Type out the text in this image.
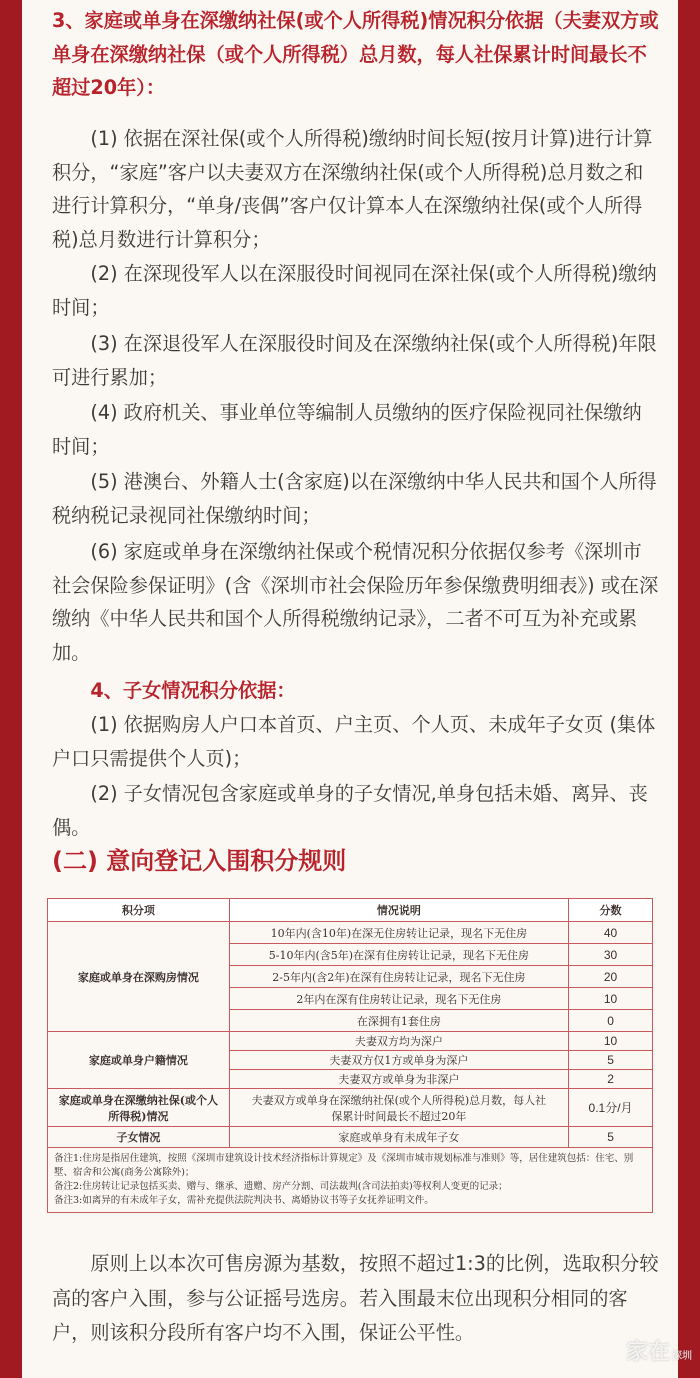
3、家庭或单身在深缴纳社保(或个人所得税)情况积分依据（夫妻双方或单身在深缴纳社保（或个人所得税）总月数，每人社保累计时间最长不超过20年）：
(1) 依据在深社保(或个人所得税)缴纳时间长短(按月计算)进行计算积分，“家庭”客户以夫妻双方在深缴纳社保(或个人所得税)总月数之和进行计算积分，“单身/丧偶”客户仅计算本人在深缴纳社保(或个人所得税)总月数进行计算积分；
(2) 在深现役军人以在深服役时间视同在深社保(或个人所得税)缴纳时间；
(3) 在深退役军人在深服役时间及在深缴纳社保(或个人所得税)年限可进行累加；
(4) 政府机关、事业单位等编制人员缴纳的医疗保险视同社保缴纳时间；
(5) 港澳台、外籍人士(含家庭)以在深缴纳中华人民共和国个人所得税纳税记录视同社保缴纳时间；
(6) 家庭或单身在深缴纳社保或个税情况积分依据仅参考《深圳市社会保险参保证明》(含《深圳市社会保险历年参保缴费明细表》) 或在深缴纳《中华人民共和国个人所得税缴纳记录》，二者不可互为补充或累加。
4、子女情况积分依据：
(1) 依据购房人户口本首页、户主页、个人页、未成年子女页 (集体户口只需提供个人页)；
(2) 子女情况包含家庭或单身的子女情况,单身包括未婚、离异、丧偶。
(二) 意向登记入围积分规则
积分项	情况说明	分数
家庭或单身在深购房情况	10年内(含10年)在深无住房转让记录，现名下无住房	40
	5-10年内(含5年)在深有住房转让记录，现名下无住房	30
	2-5年内(含2年)在深有住房转让记录，现名下无住房	20
	2年内在深有住房转让记录，现名下无住房	10
	在深拥有1套住房	0
家庭或单身户籍情况	夫妻双方均为深户	10
	夫妻双方仅1方或单身为深户	5
	夫妻双方或单身为非深户	2
家庭或单身在深缴纳社保(或个人所得税)情况	夫妻双方或单身在深缴纳社保(或个人所得税)总月数，每人社保累计时间最长不超过20年	0.1分/月
子女情况	家庭或单身有未成年子女	5

备注1:住房是指居住建筑，按照《深圳市建筑设计技术经济指标计算规定》及《深圳市城市规划标准与准则》等，居住建筑包括：住宅、别墅、宿舍和公寓(商务公寓除外)；
备注2:住房转让记录包括买卖、赠与、继承、遗赠、房产分割、司法裁判(含司法拍卖)等权利人变更的记录；
备注3:如离异的有未成年子女，需补充提供法院判决书、离婚协议书等子女抚养证明文件。		
原则上以本次可售房源为基数，按照不超过1:3的比例，选取积分较高的客户入围，参与公证摇号选房。若入围最末位出现积分相同的客户，则该积分段所有客户均不入围，保证公平性。
家在 深圳
